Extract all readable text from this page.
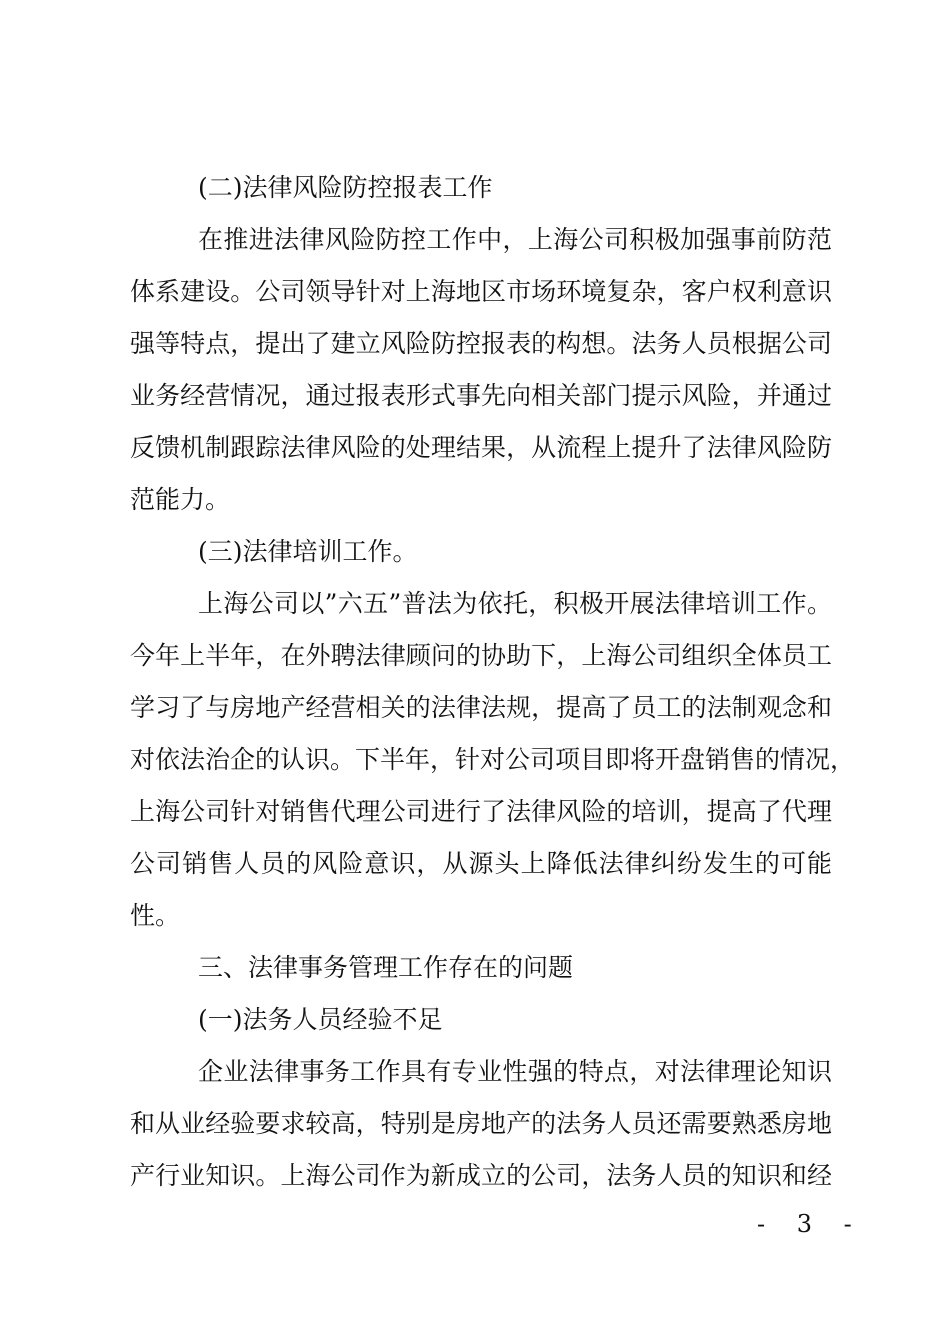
(二)法律风险防控报表工作
在推进法律风险防控工作中，上海公司积极加强事前防范
体系建设。公司领导针对上海地区市场环境复杂，客户权利意识
强等特点，提出了建立风险防控报表的构想。法务人员根据公司
业务经营情况，通过报表形式事先向相关部门提示风险，并通过
反馈机制跟踪法律风险的处理结果，从流程上提升了法律风险防
范能力。
(三)法律培训工作。
上海公司以”六五”普法为依托，积极开展法律培训工作。
今年上半年，在外聘法律顾问的协助下，上海公司组织全体员工
学习了与房地产经营相关的法律法规，提高了员工的法制观念和
对依法治企的认识。下半年，针对公司项目即将开盘销售的情况，
上海公司针对销售代理公司进行了法律风险的培训，提高了代理
公司销售人员的风险意识，从源头上降低法律纠纷发生的可能
性。
三、法律事务管理工作存在的问题
(一)法务人员经验不足
企业法律事务工作具有专业性强的特点，对法律理论知识
和从业经验要求较高，特别是房地产的法务人员还需要熟悉房地
产行业知识。上海公司作为新成立的公司，法务人员的知识和经
- 3 -
